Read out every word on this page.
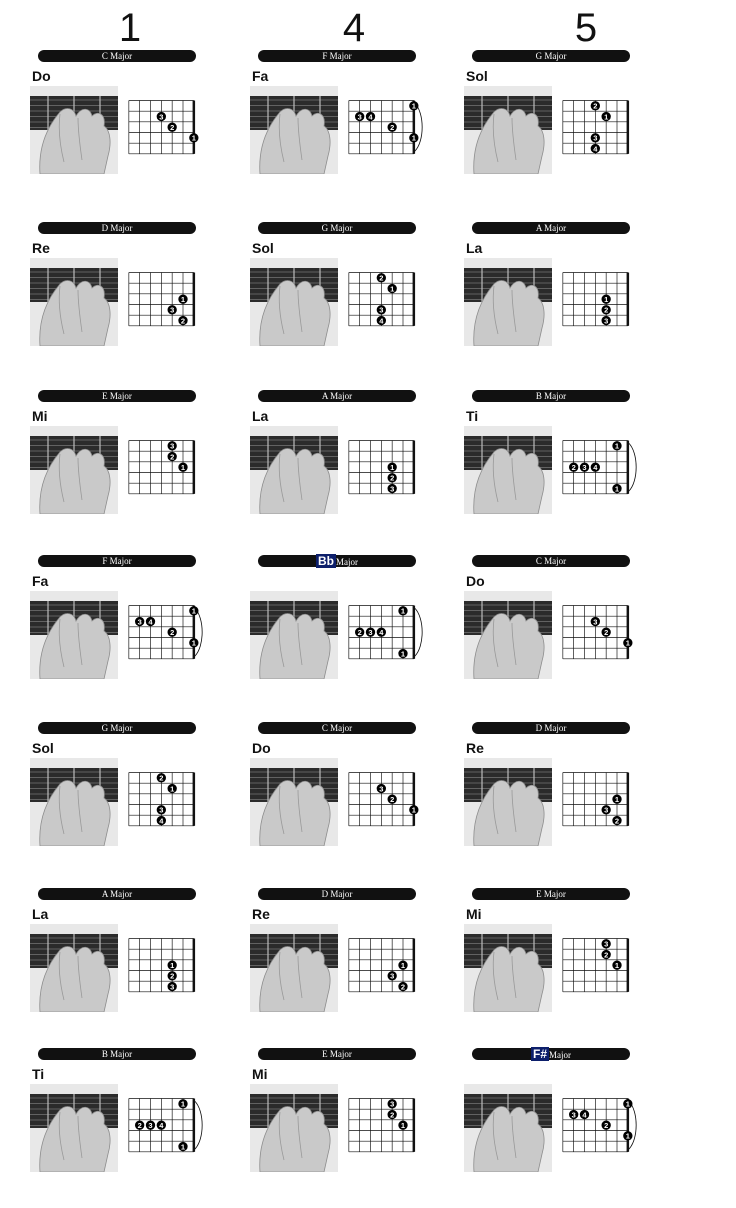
1	4	5
C Major
Do
3
2
1
F Major
Fa
1
3 4
2
1
G Major
Sol
2
1
3
4
D Major
Re
1
3
2
G Major
Sol
2
1
3
4
A Major
La
1
2
3
E Major
Mi
3
2
1
A Major
La
1
2
3
B Major
Ti
1
2 3 4
1
F Major
Fa
1
3 4
2
1
Bb Major
1
2 3 4
1
C Major
Do
3
2
1
G Major
Sol
2
1
3
4
C Major
Do
3
2
1
D Major
Re
1
3
2
A Major
La
1
2
3
D Major
Re
1
3
2
E Major
Mi
3
2
1
B Major
Ti
1
2 3 4
1
E Major
Mi
3
2
1
F# Major
1
3 4
2
1
